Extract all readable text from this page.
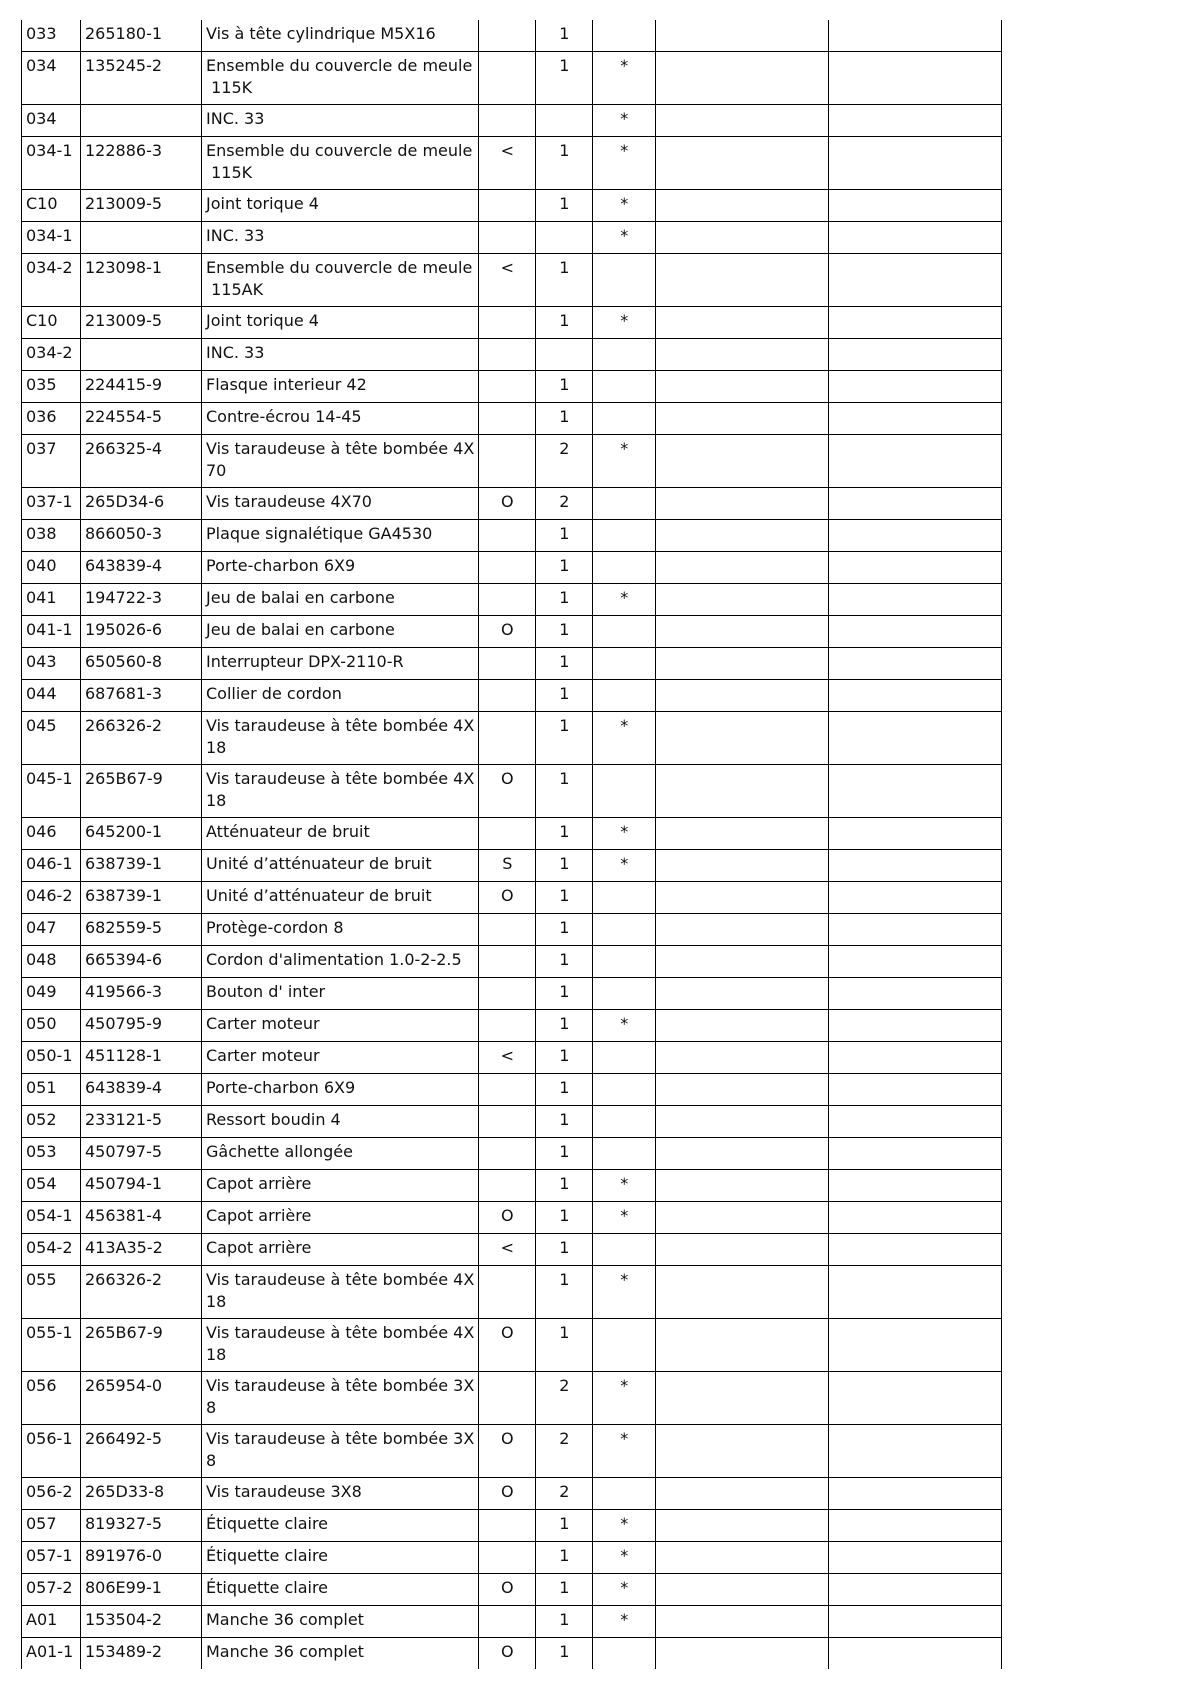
033	265180-1	Vis à tête cylindrique M5X16		1			

034	135245-2	Ensemble du couvercle de meule
115K		1	*		

034		INC. 33			*		

034-1	122886-3	Ensemble du couvercle de meule
115K	<	1	*		

C10	213009-5	Joint torique 4		1	*		

034-1		INC. 33			*		

034-2	123098-1	Ensemble du couvercle de meule
115AK	<	1			

C10	213009-5	Joint torique 4		1	*		

034-2		INC. 33					

035	224415-9	Flasque interieur 42		1			

036	224554-5	Contre-écrou 14-45		1			

037	266325-4	Vis taraudeuse à tête bombée 4X
70		2	*		

037-1	265D34-6	Vis taraudeuse 4X70	O	2			

038	866050-3	Plaque signalétique GA4530		1			

040	643839-4	Porte-charbon 6X9		1			

041	194722-3	Jeu de balai en carbone		1	*		

041-1	195026-6	Jeu de balai en carbone	O	1			

043	650560-8	Interrupteur DPX-2110-R		1			

044	687681-3	Collier de cordon		1			

045	266326-2	Vis taraudeuse à tête bombée 4X
18		1	*		

045-1	265B67-9	Vis taraudeuse à tête bombée 4X
18	O	1			

046	645200-1	Atténuateur de bruit		1	*		

046-1	638739-1	Unité d’atténuateur de bruit	S	1	*		

046-2	638739-1	Unité d’atténuateur de bruit	O	1			

047	682559-5	Protège-cordon 8		1			

048	665394-6	Cordon d'alimentation 1.0-2-2.5		1			

049	419566-3	Bouton d' inter		1			

050	450795-9	Carter moteur		1	*		

050-1	451128-1	Carter moteur	<	1			

051	643839-4	Porte-charbon 6X9		1			

052	233121-5	Ressort boudin 4		1			

053	450797-5	Gâchette allongée		1			

054	450794-1	Capot arrière		1	*		

054-1	456381-4	Capot arrière	O	1	*		

054-2	413A35-2	Capot arrière	<	1			

055	266326-2	Vis taraudeuse à tête bombée 4X
18		1	*		

055-1	265B67-9	Vis taraudeuse à tête bombée 4X
18	O	1			

056	265954-0	Vis taraudeuse à tête bombée 3X
8		2	*		

056-1	266492-5	Vis taraudeuse à tête bombée 3X
8	O	2	*		

056-2	265D33-8	Vis taraudeuse 3X8	O	2			

057	819327-5	Étiquette claire		1	*		

057-1	891976-0	Étiquette claire		1	*		

057-2	806E99-1	Étiquette claire	O	1	*		

A01	153504-2	Manche 36 complet		1	*		

A01-1	153489-2	Manche 36 complet	O	1			
